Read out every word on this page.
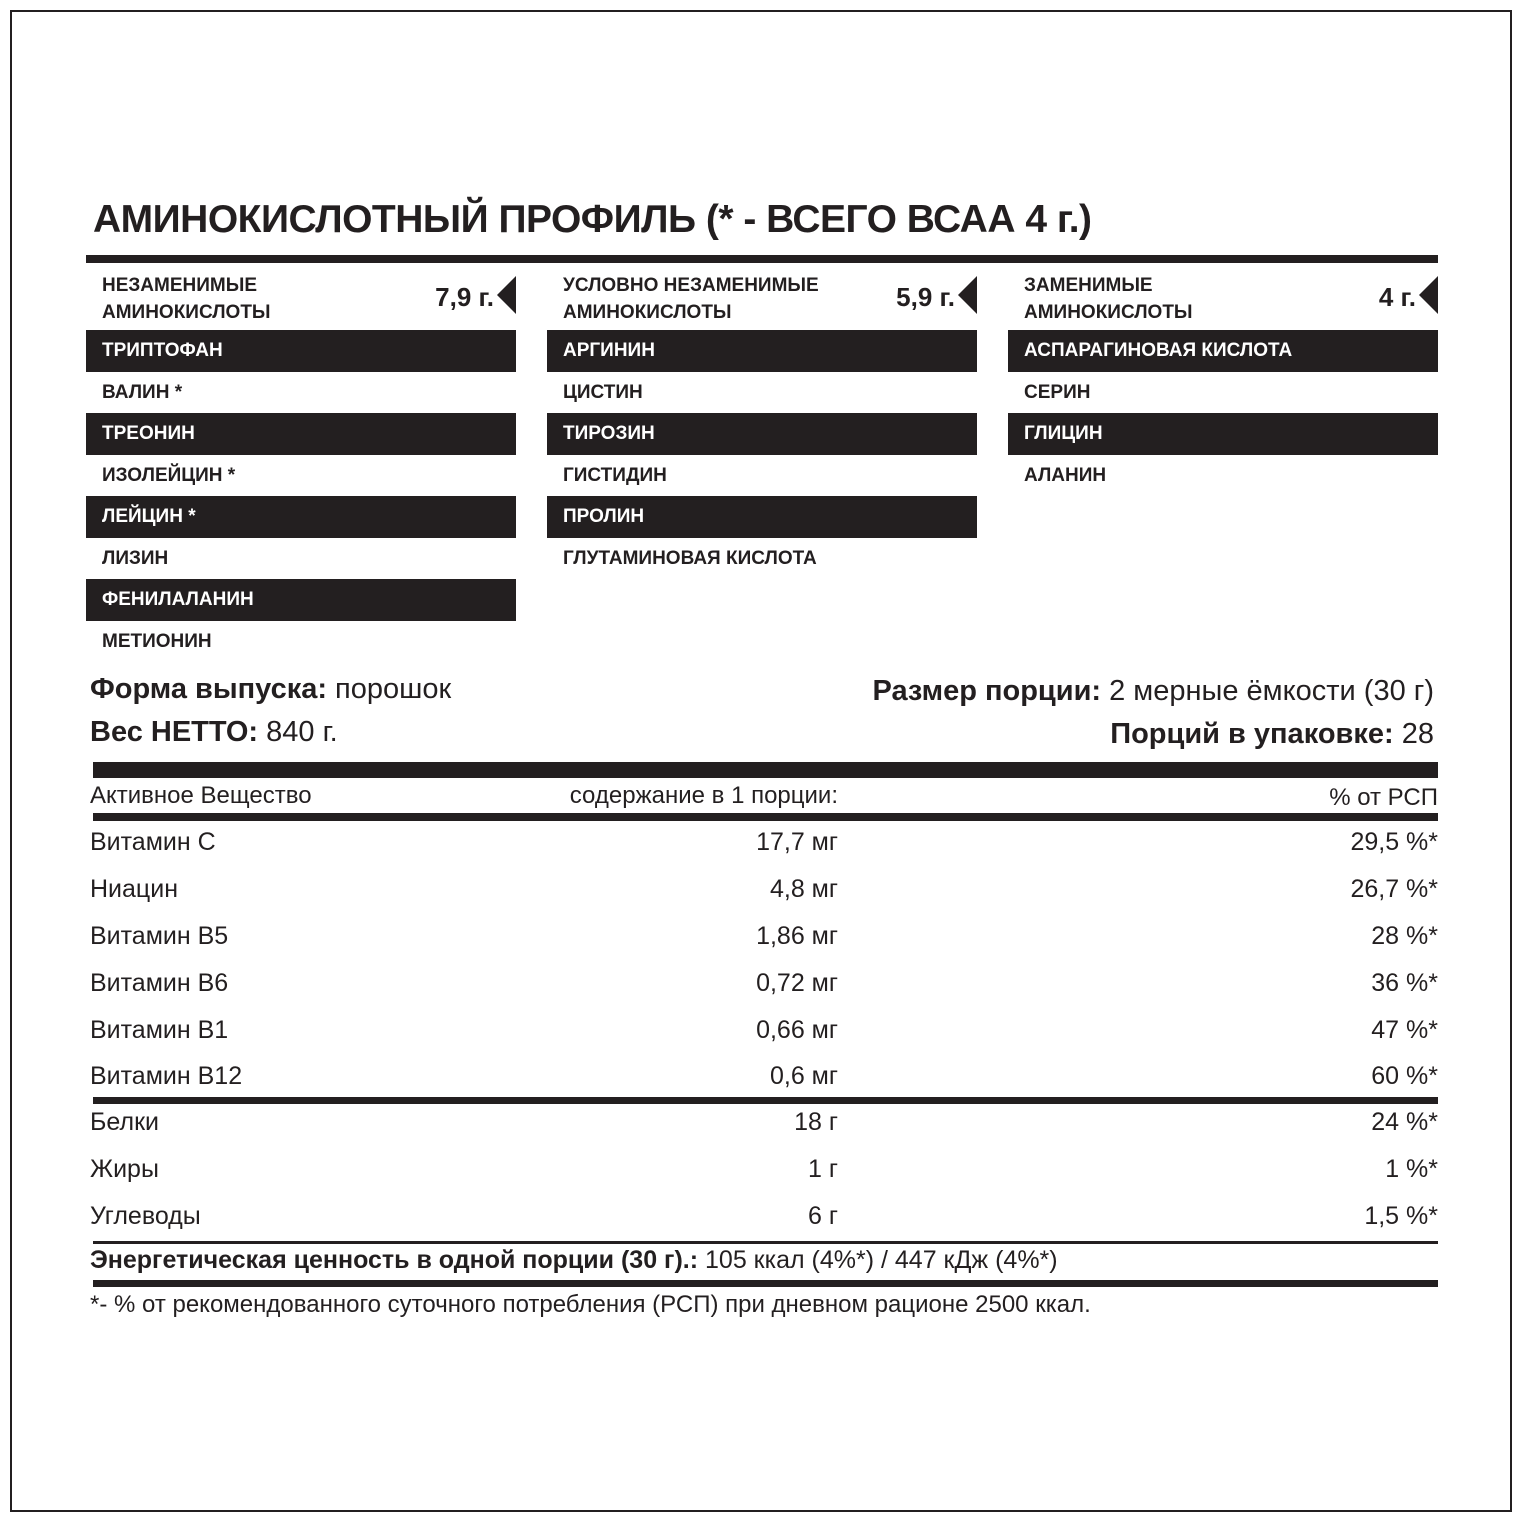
АМИНОКИСЛОТНЫЙ ПРОФИЛЬ (* - ВСЕГО ВСАА 4 г.)
НЕЗАМЕНИМЫЕ
АМИНОКИСЛОТЫ
7,9 г.
ТРИПТОФАН
ВАЛИН *
ТРЕОНИН
ИЗОЛЕЙЦИН *
ЛЕЙЦИН *
ЛИЗИН
ФЕНИЛАЛАНИН
МЕТИОНИН
УСЛОВНО НЕЗАМЕНИМЫЕ
АМИНОКИСЛОТЫ
5,9 г.
АРГИНИН
ЦИСТИН
ТИРОЗИН
ГИСТИДИН
ПРОЛИН
ГЛУТАМИНОВАЯ КИСЛОТА
ЗАМЕНИМЫЕ
АМИНОКИСЛОТЫ
4 г.
АСПАРАГИНОВАЯ КИСЛОТА
СЕРИН
ГЛИЦИН
АЛАНИН
Форма выпуска: порошок
Вес НЕТТО: 840 г.
Размер порции: 2 мерные ёмкости (30 г)
Порций в упаковке: 28
Активное Вещество	содержание в 1 порции:	% от РСП
Витамин С	17,7 мг	29,5 %*
Ниацин	4,8 мг	26,7 %*
Витамин В5	1,86 мг	28 %*
Витамин В6	0,72 мг	36 %*
Витамин В1	0,66 мг	47 %*
Витамин В12	0,6 мг	60 %*
Белки	18 г	24 %*
Жиры	1 г	1 %*
Углеводы	6 г	1,5 %*
Энергетическая ценность в одной порции (30 г).: 105 ккал (4%*) / 447 кДж (4%*)
*- % от рекомендованного суточного потребления (РСП) при дневном рационе 2500 ккал.
